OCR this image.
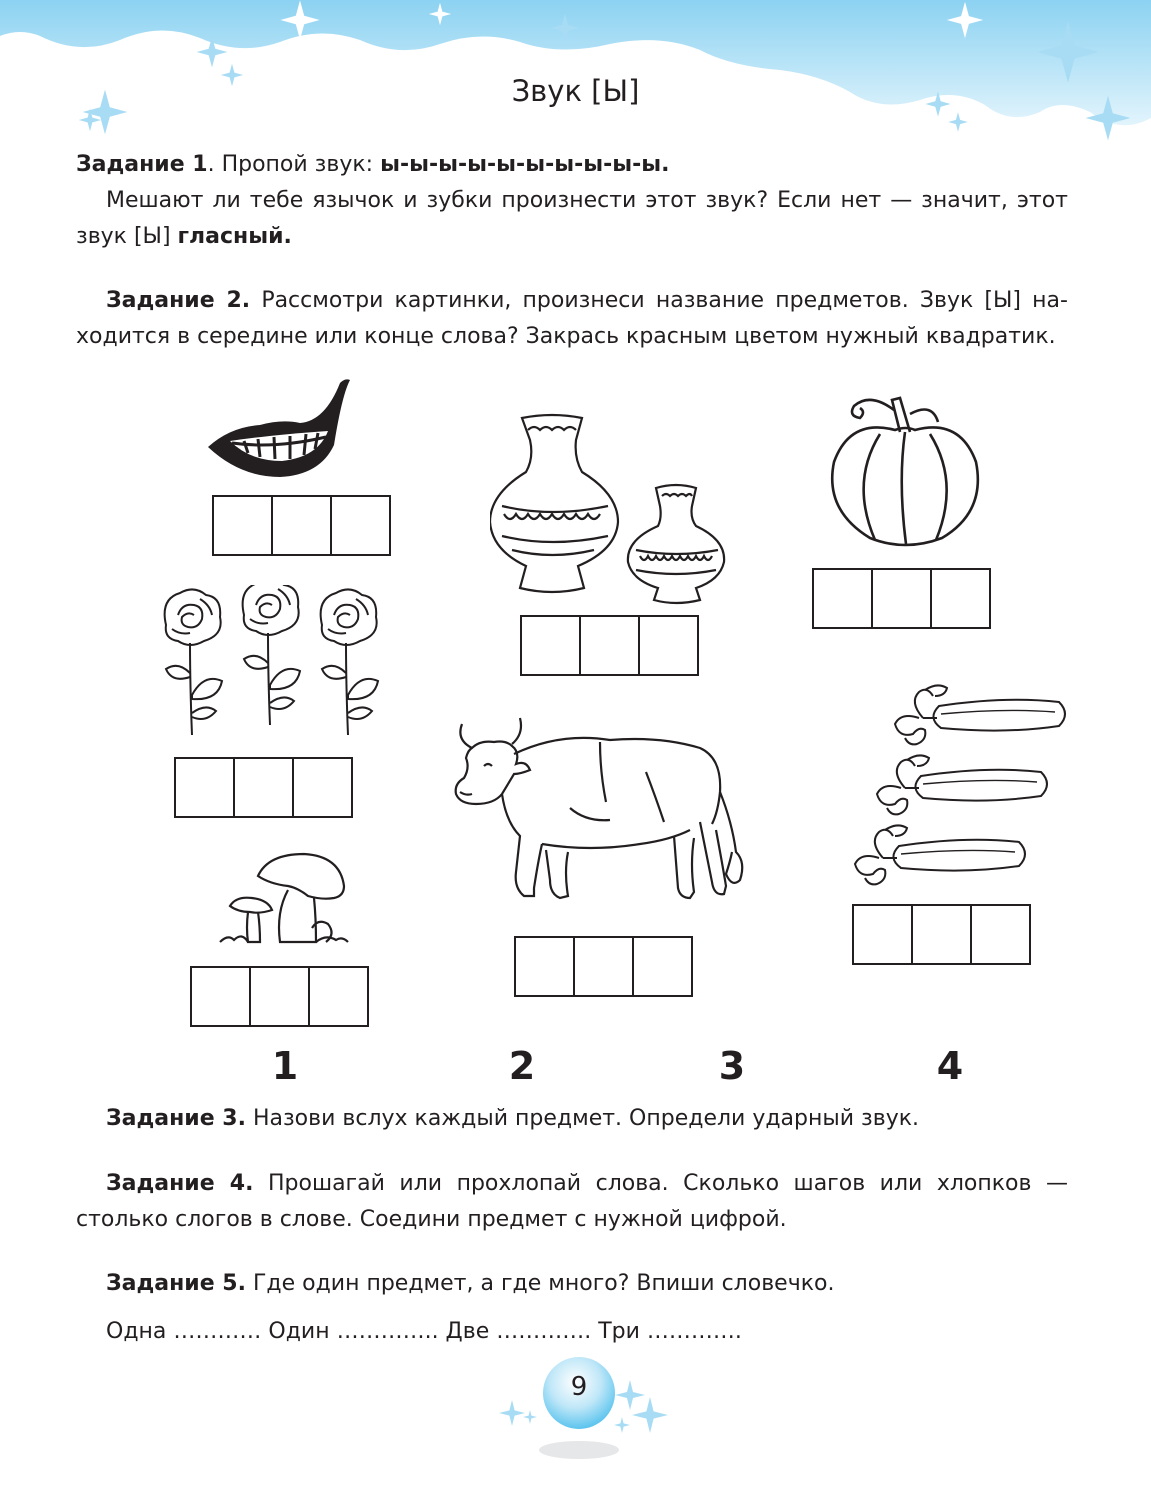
Звук [Ы]

Задание 1. Пропой звук: ы-ы-ы-ы-ы-ы-ы-ы-ы-ы.
Мешают ли тебе язычок и зубки произнести этот звук? Если нет — значит, этот звук [Ы] гласный.

Задание 2. Рассмотри картинки, произнеси название предметов. Звук [Ы] находится в середине или конце слова? Закрась красным цветом нужный квадратик.

1	2	3	4

Задание 3. Назови вслух каждый предмет. Определи ударный звук.

Задание 4. Прошагай или прохлопай слова. Сколько шагов или хлопков — столько слогов в слове. Соедини предмет с нужной цифрой.

Задание 5. Где один предмет, а где много? Впиши словечко.

Одна ………… Один ………….. Две …………. Три ………….

9
